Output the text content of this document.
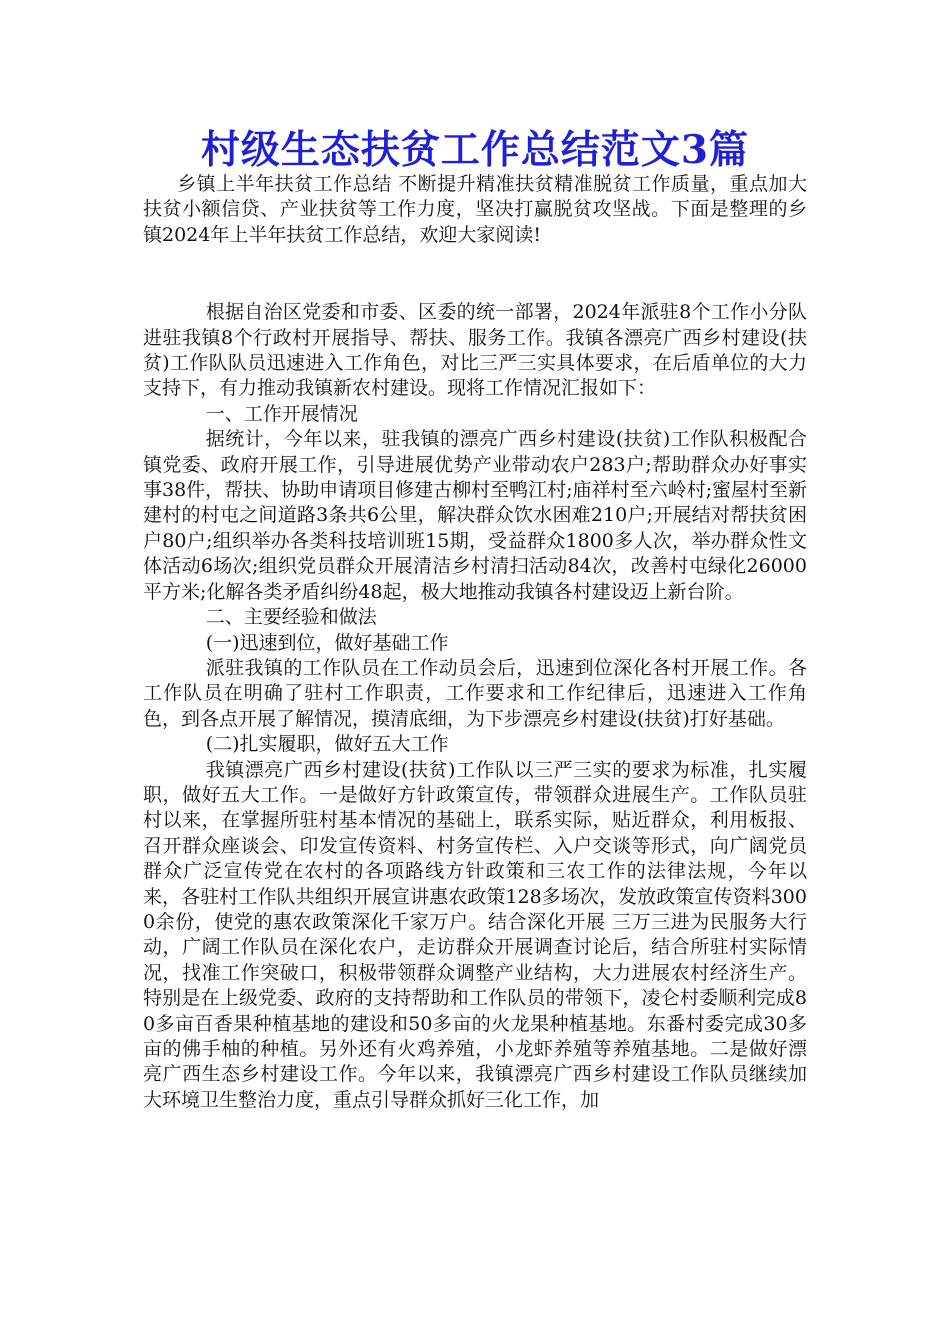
村级生态扶贫工作总结范文3篇

乡镇上半年扶贫工作总结 不断提升精准扶贫精准脱贫工作质量，重点加大扶贫小额信贷、产业扶贫等工作力度，坚决打赢脱贫攻坚战。下面是整理的乡镇2024年上半年扶贫工作总结，欢迎大家阅读!

根据自治区党委和市委、区委的统一部署，2024年派驻8个工作小分队进驻我镇8个行政村开展指导、帮扶、服务工作。我镇各漂亮广西乡村建设(扶贫)工作队队员迅速进入工作角色，对比三严三实具体要求，在后盾单位的大力支持下，有力推动我镇新农村建设。现将工作情况汇报如下：

一、工作开展情况

据统计，今年以来，驻我镇的漂亮广西乡村建设(扶贫)工作队积极配合镇党委、政府开展工作，引导进展优势产业带动农户283户;帮助群众办好事实事38件，帮扶、协助申请项目修建古柳村至鸭江村;庙祥村至六岭村;蜜屋村至新建村的村屯之间道路3条共6公里，解决群众饮水困难210户;开展结对帮扶贫困户80户;组织举办各类科技培训班15期，受益群众1800多人次，举办群众性文体活动6场次;组织党员群众开展清洁乡村清扫活动84次，改善村屯绿化26000平方米;化解各类矛盾纠纷48起，极大地推动我镇各村建设迈上新台阶。

二、主要经验和做法

(一)迅速到位，做好基础工作

派驻我镇的工作队员在工作动员会后，迅速到位深化各村开展工作。各工作队员在明确了驻村工作职责，工作要求和工作纪律后，迅速进入工作角色，到各点开展了解情况，摸清底细，为下步漂亮乡村建设(扶贫)打好基础。

(二)扎实履职，做好五大工作

我镇漂亮广西乡村建设(扶贫)工作队以三严三实的要求为标准，扎实履职，做好五大工作。一是做好方针政策宣传，带领群众进展生产。工作队员驻村以来，在掌握所驻村基本情况的基础上，联系实际，贴近群众，利用板报、召开群众座谈会、印发宣传资料、村务宣传栏、入户交谈等形式，向广阔党员群众广泛宣传党在农村的各项路线方针政策和三农工作的法律法规，今年以来，各驻村工作队共组织开展宣讲惠农政策128多场次，发放政策宣传资料3000余份，使党的惠农政策深化千家万户。结合深化开展 三万三进为民服务大行动，广阔工作队员在深化农户，走访群众开展调查讨论后，结合所驻村实际情况，找准工作突破口，积极带领群众调整产业结构，大力进展农村经济生产。特别是在上级党委、政府的支持帮助和工作队员的带领下，凌仑村委顺利完成80多亩百香果种植基地的建设和50多亩的火龙果种植基地。东番村委完成30多亩的佛手柚的种植。另外还有火鸡养殖，小龙虾养殖等养殖基地。二是做好漂亮广西生态乡村建设工作。今年以来，我镇漂亮广西乡村建设工作队员继续加大环境卫生整治力度，重点引导群众抓好三化工作，加
